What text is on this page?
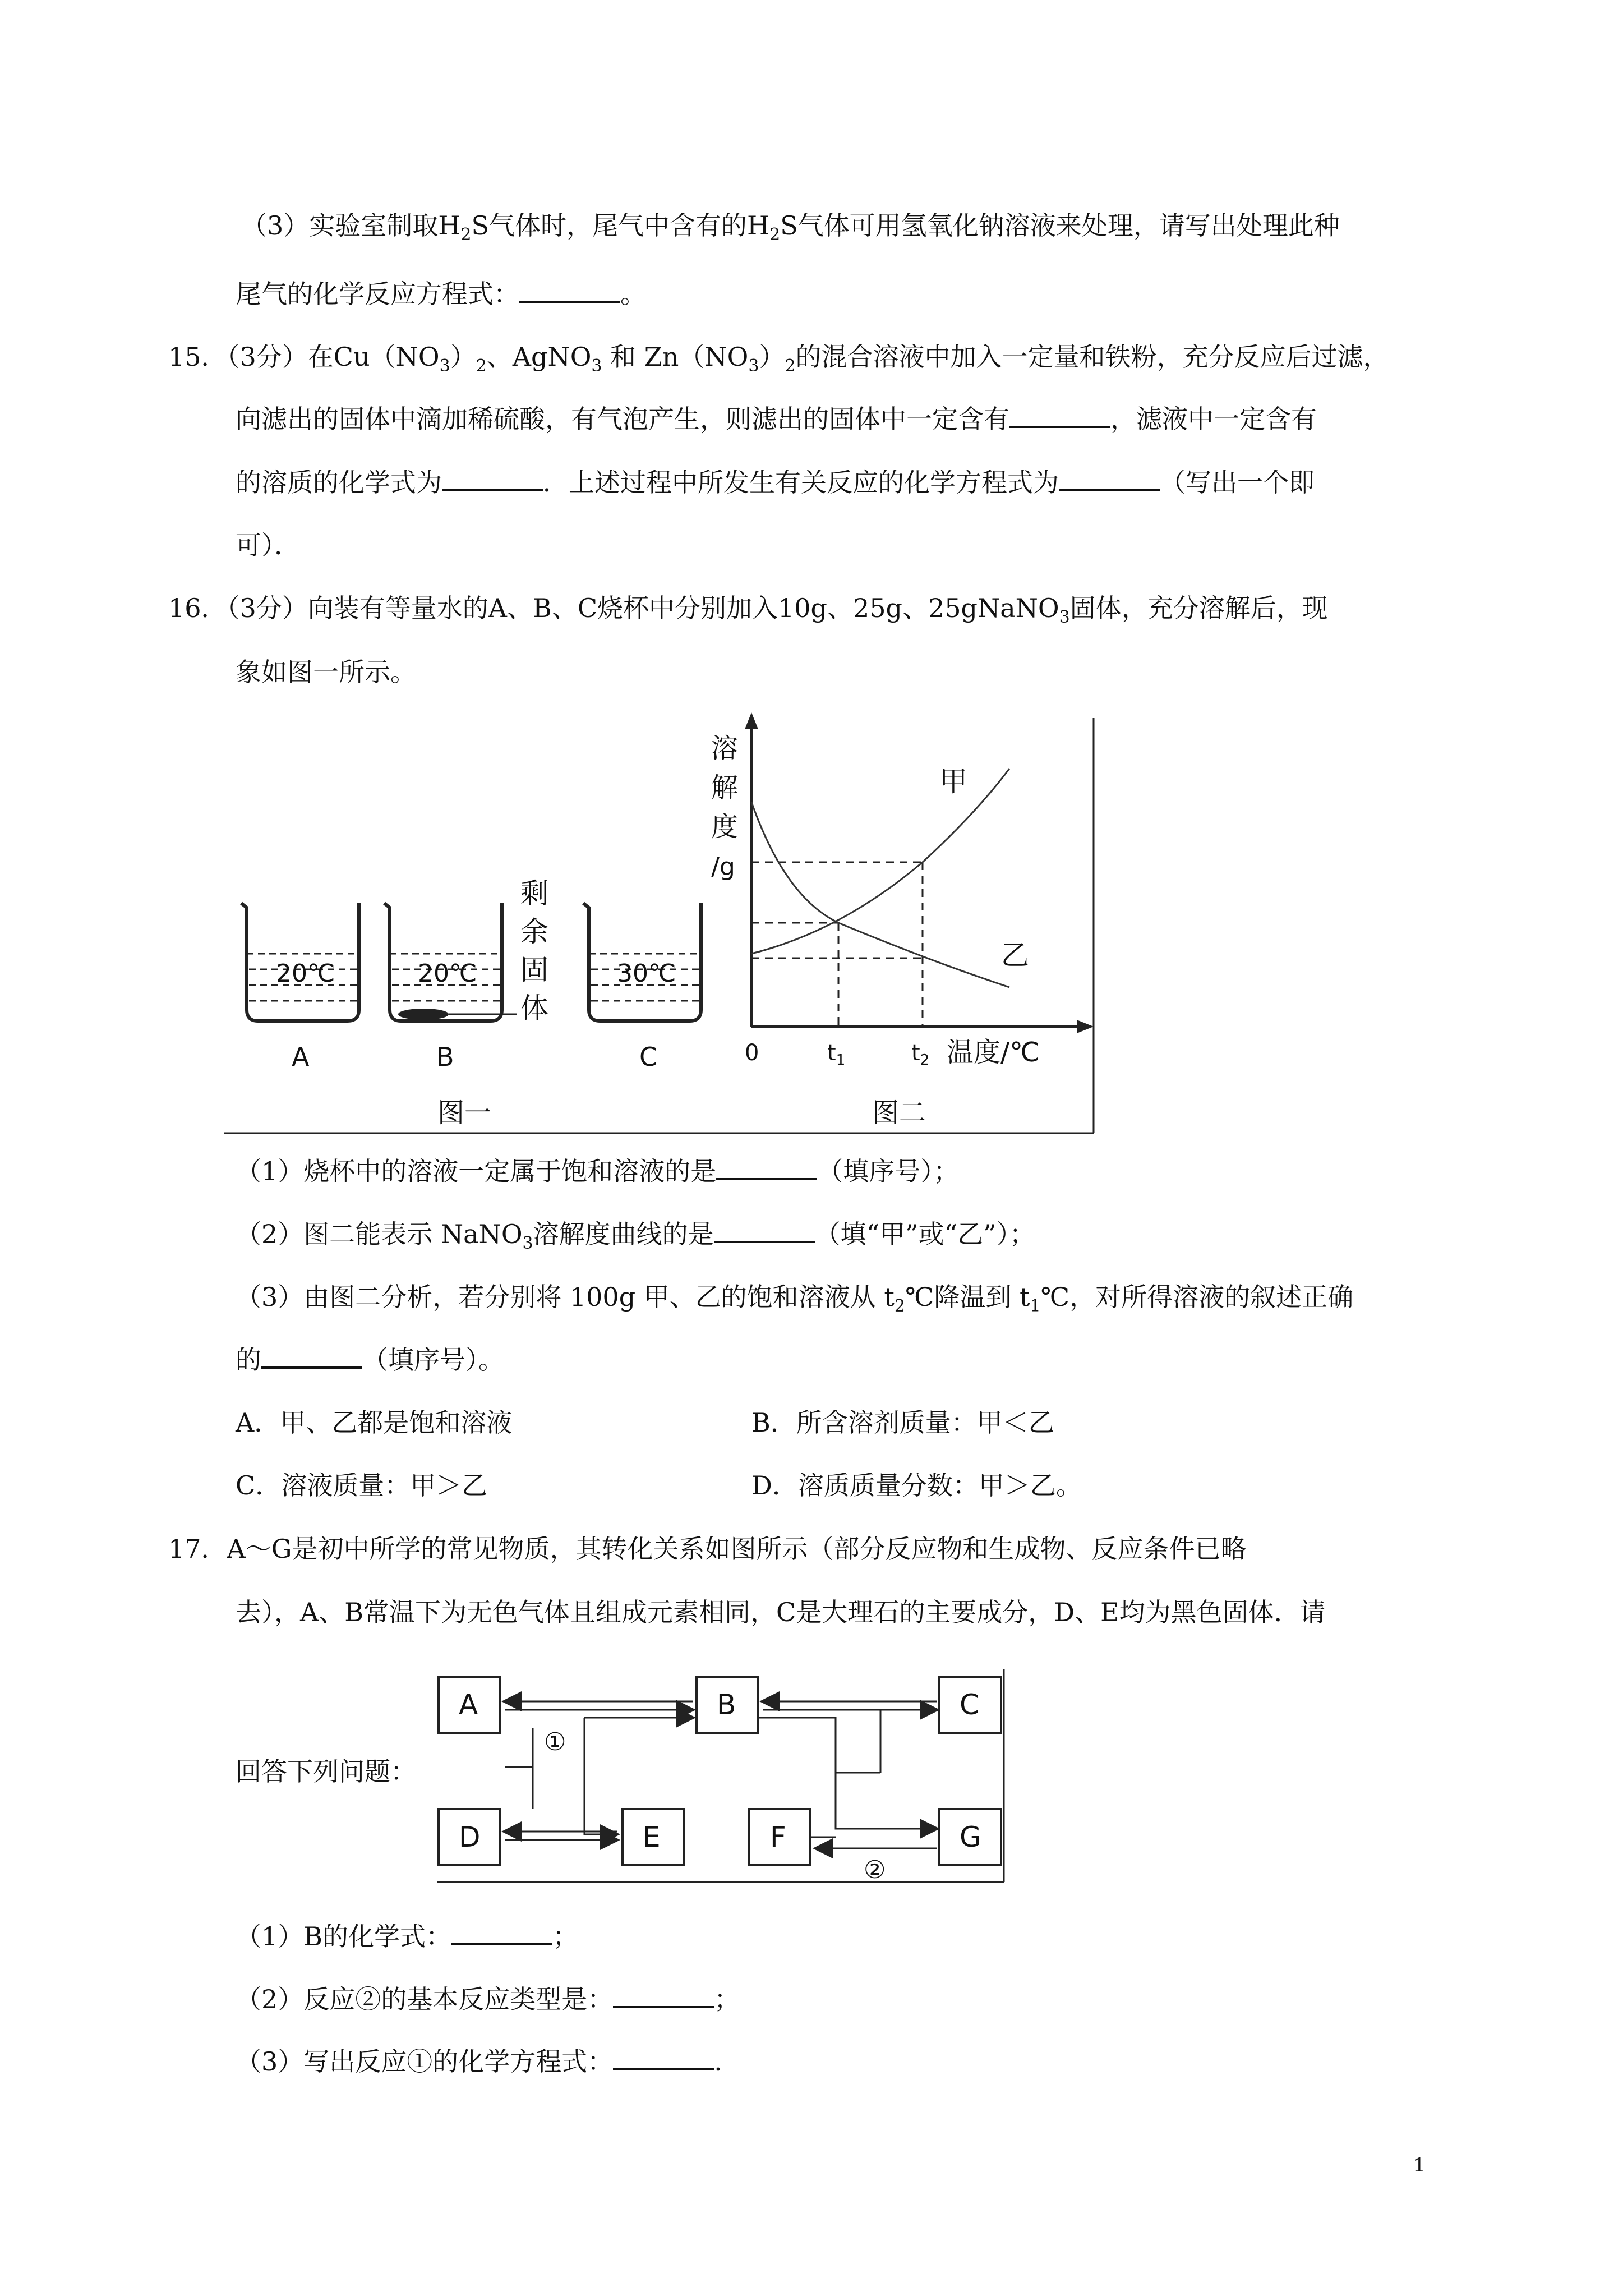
（3）实验室制取$H_2S$气体时，尾气中含有的$H_2S$气体可用氢氧化钠溶液来处理，请写出处理此种
尾气的化学反应方程式：	。
15．（3分）在$Cu(NO_3)_2$、AgNO$_3$ 和 $Zn(NO_3)_2$的混合溶液中加入一定量和铁粉，充分反应后过滤，
向滤出的固体中滴加稀硫酸，有气泡产生，则滤出的固体中一定含有	，滤液中一定含有
的溶质的化学式为	．上述过程中所发生有关反应的化学方程式为	（写出一个即
可）．
16．（3分）向装有等量水的A、B、C烧杯中分别加入10g、25g、25gNaNO$_3$固体，充分溶解后，现
象如图一所示。
20℃
A
20℃
B
剩
余
固
体
30℃
C
图一
溶
解
度
/g
甲
乙
0	$t_1$	$t_2$ 温度/℃
图二
（1）烧杯中的溶液一定属于饱和溶液的是	（填序号）；
（2）图二能表示 NaNO$_3$溶解度曲线的是	（填“甲”或“乙”）；
（3）由图二分析，若分别将 100g 甲、乙的饱和溶液从 $t_2℃$降温到 $t_1℃$，对所得溶液的叙述正确
的	（填序号）。
A．甲、乙都是饱和溶液	B．所含溶剂质量：甲＜乙
C．溶液质量：甲＞乙	D．溶质质量分数：甲＞乙。
17．A～G是初中所学的常见物质，其转化关系如图所示（部分反应物和生成物、反应条件已略
去），A、B常温下为无色气体且组成元素相同，C是大理石的主要成分，D、E均为黑色固体．请
回答下列问题：
A
D
B
E	F
C
G
①
②
（1）B的化学式：	；
（2）反应②的基本反应类型是：	；
（3）写出反应①的化学方程式：	.
1
